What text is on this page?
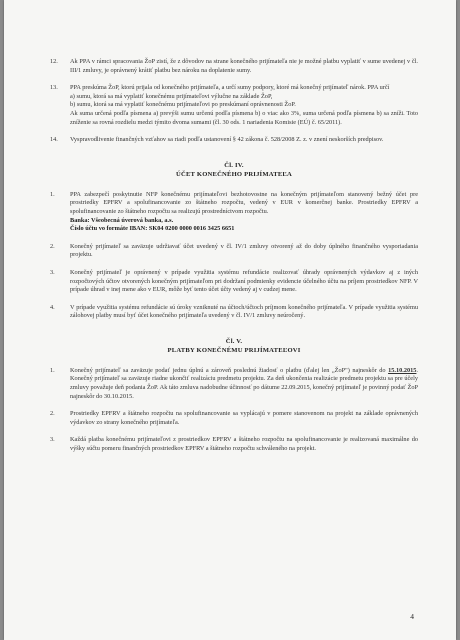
12.	Ak PPA v rámci spracovania ŽoP zistí, že z dôvodov na strane konečného prijímateľa nie je možné platbu vyplatiť v sume uvedenej v čl. III/1 zmluvy, je oprávnený krátiť platbu bez nároku na doplatenie sumy.
13.	PPA preskúma ŽoP, ktorú prijala od konečného prijímateľa, a určí sumy podpory, ktoré má konečný prijímateľ nárok. PPA určí
a) sumu, ktorá sa má vyplatiť konečnému prijímateľovi výlučne na základe ŽoP,
b) sumu, ktorá sa má vyplatiť konečnému prijímateľovi po preskúmaní oprávnenosti ŽoP.
Ak suma určená podľa písmena a) prevýši sumu určenú podľa písmena b) o viac ako 3%, suma určená podľa písmena b) sa zníži. Toto zníženie sa rovná rozdielu medzi týmito dvoma sumami (čl. 30 ods. 1 nariadenia Komisie (EÚ) č. 65/2011).
14.	Vyspravodlivenie finančných vzťahov sa riadi podľa ustanovení § 42 zákona č. 528/2008 Z. z. v znení neskorších predpisov.
Čl. IV.
ÚČET KONEČNÉHO PRIJÍMATEĽA
1.	PPA zabezpečí poskytnutie NFP konečnému prijímateľovi bezhotovostne na konečným prijímateľom stanovený bežný účet pre prostriedky EPFRV a spolufinancovanie zo štátneho rozpočtu, vedený v EUR v komerčnej banke. Prostriedky EPFRV a spolufinancovanie zo štátneho rozpočtu sa realizujú prostredníctvom rozpočtu.
Banka: Všeobecná úverová banka, a.s.
Číslo účtu vo formáte IBAN: SK04 0200 0000 0016 3425 6651
2.	Konečný prijímateľ sa zaväzuje udržiavať účet uvedený v čl. IV/1 zmluvy otvorený až do doby úplného finančného vysporiadania projektu.
3.	Konečný prijímateľ je oprávnený v prípade využitia systému refundácie realizovať úhrady oprávnených výdavkov aj z iných rozpočtových účtov otvorených konečným prijímateľom pri dodržaní podmienky evidencie účelného účtu na príjem prostriedkov NFP. V prípade úhrad v inej mene ako v EUR, môže byť tento účet účty vedený aj v cudzej mene.
4.	V prípade využitia systému refundácie sú úroky vzniknuté na účtoch/účtoch príjmom konečného prijímateľa. V prípade využitia systému zálohovej platby musí byť účet konečného prijímateľa uvedený v čl. IV/1 zmluvy neúročený.
Čl. V.
PLATBY KONEČNÉMU PRIJÍMATEĽOVI
1.	Konečný prijímateľ sa zaväzuje podať jednu úplnú a zároveň poslednú žiadosť o platbu (ďalej len „ŽoP") najneskôr do 15.10.2015. Konečný prijímateľ sa zaväzuje riadne ukončiť realizáciu predmetu projektu. Za deň ukončenia realizácie predmetu projektu sa pre účely zmluvy považuje deň podania ŽoP. Ak táto zmluva nadobudne účinnosť po dátume 22.09.2015, konečný prijímateľ je povinný podať ŽoP najneskôr do 30.10.2015.
2.	Prostriedky EPFRV a štátneho rozpočtu na spolufinancovanie sa vyplácajú v pomere stanovenom na projekt na základe oprávnených výdavkov zo strany konečného prijímateľa.
3.	Každá platba konečnému prijímateľovi z prostriedkov EPFRV a štátneho rozpočtu na spolufinancovanie je realizovaná maximálne do výšky súčtu pomeru finančných prostriedkov EPFRV a štátneho rozpočtu schváleného na projekt.
4
